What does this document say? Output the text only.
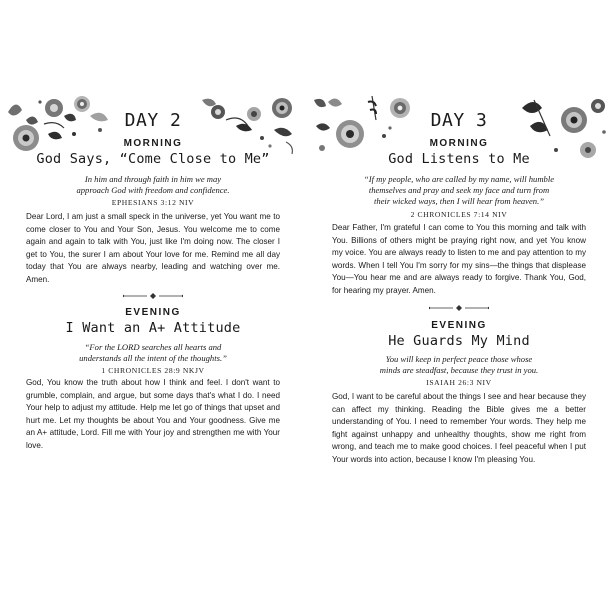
DAY 2
MORNING
God Says, “Come Close to Me”
In him and through faith in him we may
approach God with freedom and confidence.
EPHESIANS 3:12 NIV
Dear Lord, I am just a small speck in the universe, yet You want me to come closer to You and Your Son, Jesus. You welcome me to come again and again to talk with You, just like I'm doing now. The closer I get to You, the surer I am about Your love for me. Remind me all day today that You are always nearby, leading and watching over me. Amen.
EVENING
I Want an A+ Attitude
“For the LORD searches all hearts and
understands all the intent of the thoughts.”
1 CHRONICLES 28:9 NKJV
God, You know the truth about how I think and feel. I don't want to grumble, complain, and argue, but some days that's what I do. I need Your help to adjust my attitude. Help me let go of things that upset and hurt me. Let my thoughts be about You and Your goodness. Give me an A+ attitude, Lord. Fill me with Your joy and strengthen me with Your love.
DAY 3
MORNING
God Listens to Me
“If my people, who are called by my name, will humble
themselves and pray and seek my face and turn from
their wicked ways, then I will hear from heaven.”
2 CHRONICLES 7:14 NIV
Dear Father, I'm grateful I can come to You this morning and talk with You. Billions of others might be praying right now, and yet You know my voice. You are always ready to listen to me and pay attention to my words. When I tell You I'm sorry for my sins—the things that displease You—You hear me and are always ready to forgive. Thank You, God, for hearing my prayer. Amen.
EVENING
He Guards My Mind
You will keep in perfect peace those whose
minds are steadfast, because they trust in you.
ISAIAH 26:3 NIV
God, I want to be careful about the things I see and hear because they can affect my thinking. Reading the Bible gives me a better understanding of You. I need to remember Your words. They help me fight against unhappy and unhealthy thoughts, show me right from wrong, and teach me to make good choices. I feel peaceful when I put Your words into action, because I know I'm pleasing You.
